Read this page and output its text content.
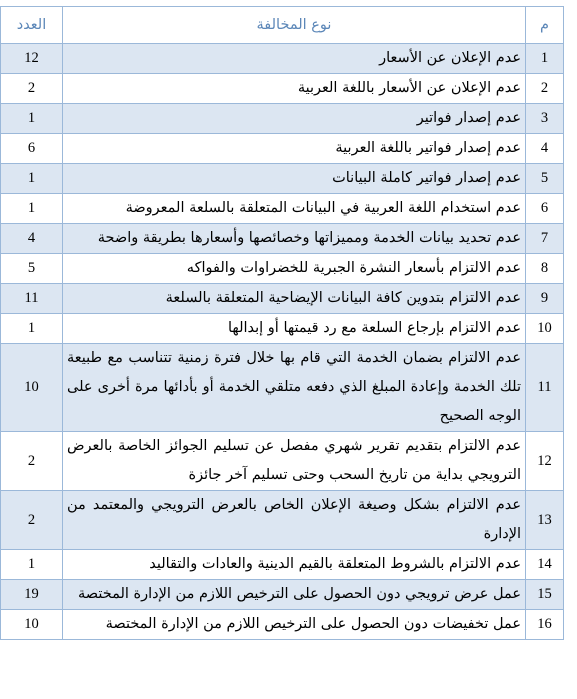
م	نوع المخالفة	العدد
1	عدم الإعلان عن الأسعار	12
2	عدم الإعلان عن الأسعار باللغة العربية	2
3	عدم إصدار فواتير	1
4	عدم إصدار فواتير باللغة العربية	6
5	عدم إصدار فواتير كاملة البيانات	1
6	عدم استخدام اللغة العربية في البيانات المتعلقة بالسلعة المعروضة	1
7	عدم تحديد بيانات الخدمة ومميزاتها وخصائصها وأسعارها بطريقة واضحة	4
8	عدم الالتزام بأسعار النشرة الجبرية للخضراوات والفواكه	5
9	عدم الالتزام بتدوين كافة البيانات الإيضاحية المتعلقة بالسلعة	11
10	عدم الالتزام بإرجاع السلعة مع رد قيمتها أو إبدالها	1
11	عدم الالتزام بضمان الخدمة التي قام بها خلال فترة زمنية تتناسب مع طبيعة تلك الخدمة وإعادة المبلغ الذي دفعه متلقي الخدمة أو بأدائها مرة أخرى على الوجه الصحيح	10
12	عدم الالتزام بتقديم تقرير شهري مفصل عن تسليم الجوائز الخاصة بالعرض الترويجي بداية من تاريخ السحب وحتى تسليم آخر جائزة	2
13	عدم الالتزام بشكل وصيغة الإعلان الخاص بالعرض الترويجي والمعتمد من الإدارة	2
14	عدم الالتزام بالشروط المتعلقة بالقيم الدينية والعادات والتقاليد	1
15	عمل عرض ترويجي دون الحصول على الترخيص اللازم من الإدارة المختصة	19
16	عمل تخفيضات دون الحصول على الترخيص اللازم من الإدارة المختصة	10
